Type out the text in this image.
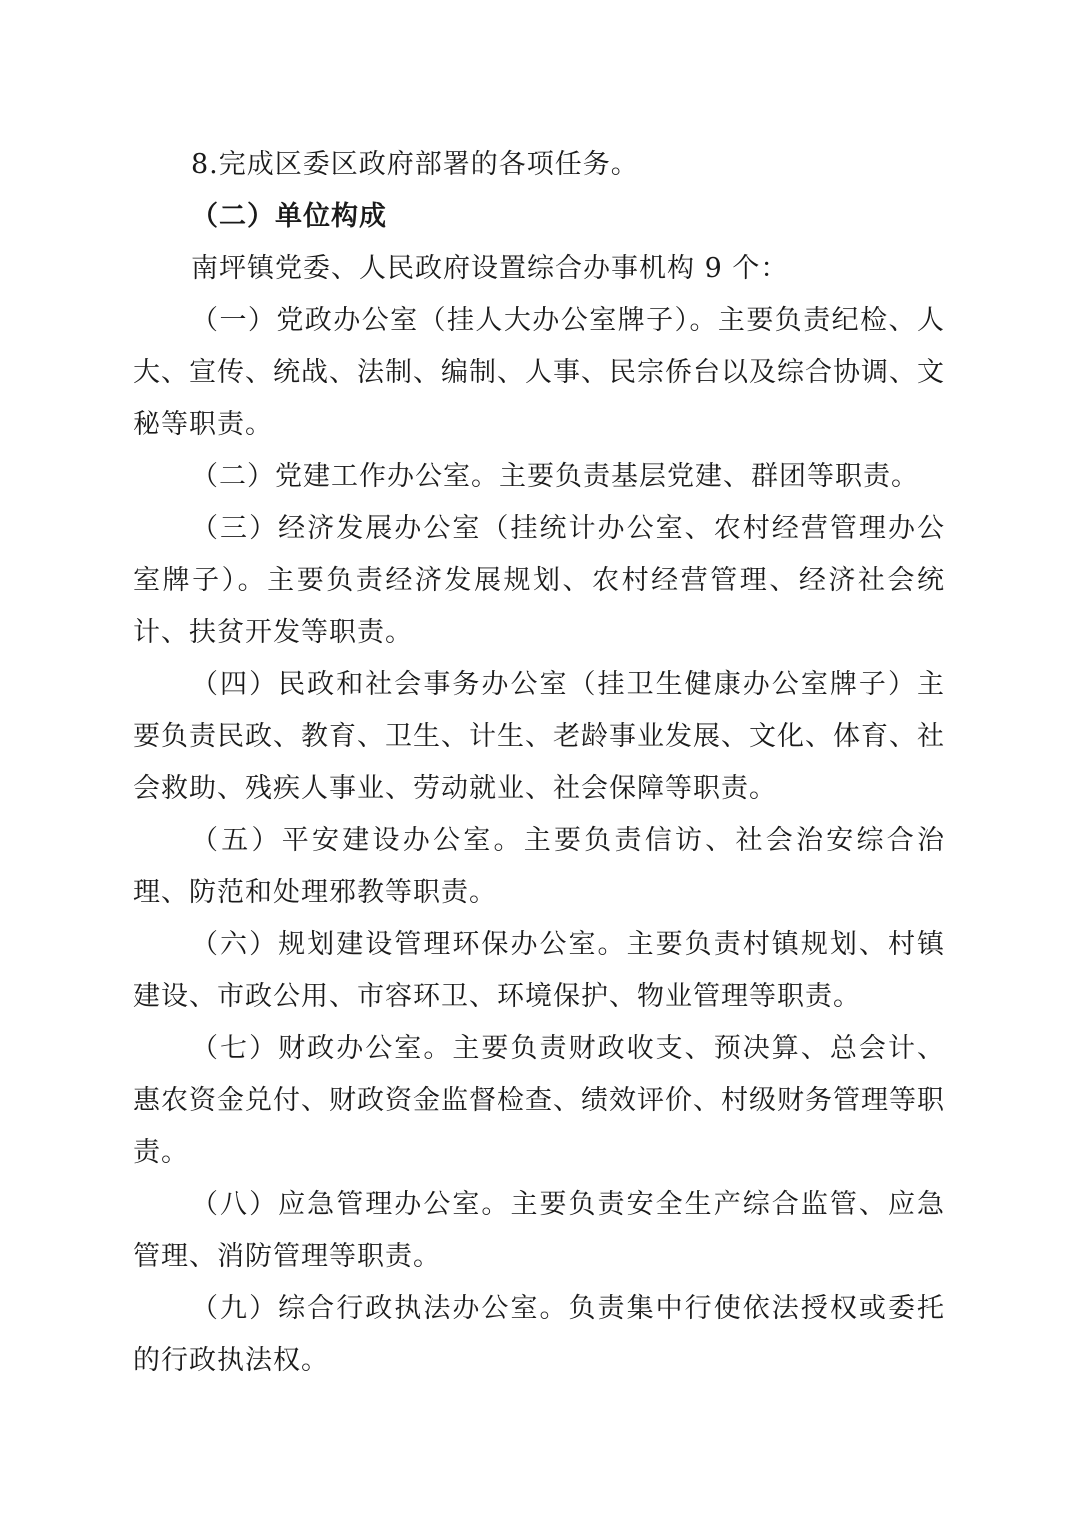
8.完成区委区政府部署的各项任务。

（二）单位构成

南坪镇党委、人民政府设置综合办事机构 9 个：

（一）党政办公室（挂人大办公室牌子）。主要负责纪检、人大、宣传、统战、法制、编制、人事、民宗侨台以及综合协调、文秘等职责。

（二）党建工作办公室。主要负责基层党建、群团等职责。

（三）经济发展办公室（挂统计办公室、农村经营管理办公室牌子）。主要负责经济发展规划、农村经营管理、经济社会统计、扶贫开发等职责。

（四）民政和社会事务办公室（挂卫生健康办公室牌子）主要负责民政、教育、卫生、计生、老龄事业发展、文化、体育、社会救助、残疾人事业、劳动就业、社会保障等职责。

（五）平安建设办公室。主要负责信访、社会治安综合治理、防范和处理邪教等职责。

（六）规划建设管理环保办公室。主要负责村镇规划、村镇建设、市政公用、市容环卫、环境保护、物业管理等职责。

（七）财政办公室。主要负责财政收支、预决算、总会计、惠农资金兑付、财政资金监督检查、绩效评价、村级财务管理等职责。

（八）应急管理办公室。主要负责安全生产综合监管、应急管理、消防管理等职责。

（九）综合行政执法办公室。负责集中行使依法授权或委托的行政执法权。
